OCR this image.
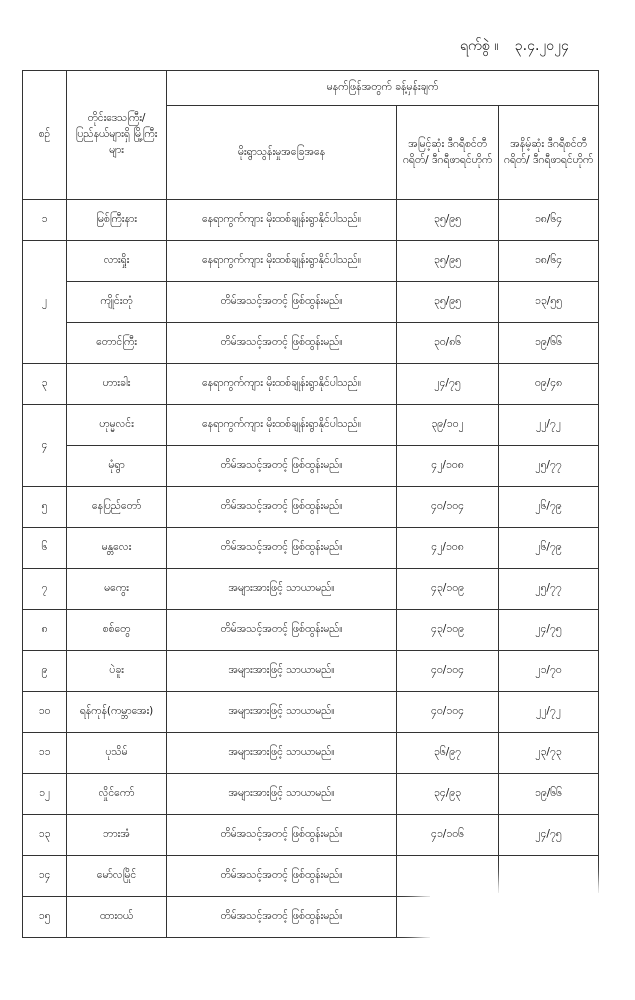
ရက်စွဲ ။ ၃.၄.၂၀၂၄
စဉ်	တိုင်းဒေသကြီး/ ပြည်နယ်များရှိ မြို့ကြီးများ	မနက်ဖြန်အတွက် ခန့်မှန်းချက်		
		မိုးရွာသွန်းမှုအခြေအနေ	အမြင့်ဆုံး ဒီဂရီစင်တီဂရိတ်/ ဒီဂရီဖာရင်ဟိုက်	အနိမ့်ဆုံး ဒီဂရီစင်တီဂရိတ်/ ဒီဂရီဖာရင်ဟိုက်
၁	မြစ်ကြီးနား	နေရာကွက်ကျား မိုးထစ်ချုန်းရွာနိုင်ပါသည်။	၃၅/၉၅	၁၈/၆၄
၂	လားရှိုး	နေရာကွက်ကျား မိုးထစ်ချုန်းရွာနိုင်ပါသည်။	၃၅/၉၅	၁၈/၆၄
	ကျိုင်းတုံ	တိမ်အသင့်အတင့် ဖြစ်ထွန်းမည်။	၃၅/၉၅	၁၃/၅၅
	တောင်ကြီး	တိမ်အသင့်အတင့် ဖြစ်ထွန်းမည်။	၃၀/၈၆	၁၉/၆၆
၃	ဟားခါး	နေရာကွက်ကျား မိုးထစ်ချုန်းရွာနိုင်ပါသည်။	၂၄/၇၅	၀၉/၄၈
၄	ဟုမ္မလင်း	နေရာကွက်ကျား မိုးထစ်ချုန်းရွာနိုင်ပါသည်။	၃၉/၁၀၂	၂၂/၇၂
	မုံရွာ	တိမ်အသင့်အတင့် ဖြစ်ထွန်းမည်။	၄၂/၁၀၈	၂၅/၇၇
၅	နေပြည်တော်	တိမ်အသင့်အတင့် ဖြစ်ထွန်းမည်။	၄၀/၁၀၄	၂၆/၇၉
၆	မန္တလေး	တိမ်အသင့်အတင့် ဖြစ်ထွန်းမည်။	၄၂/၁၀၈	၂၆/၇၉
၇	မကွေး	အများအားဖြင့် သာယာမည်။	၄၃/၁၀၉	၂၅/၇၇
၈	စစ်တွေ	တိမ်အသင့်အတင့် ဖြစ်ထွန်းမည်။	၄၃/၁၀၉	၂၄/၇၅
၉	ပဲခူး	အများအားဖြင့် သာယာမည်။	၄၀/၁၀၄	၂၁/၇၀
၁၀	ရန်ကုန်(ကမ္ဘာအေး)	အများအားဖြင့် သာယာမည်။	၄၀/၁၀၄	၂၂/၇၂
၁၁	ပုသိမ်	အများအားဖြင့် သာယာမည်။	၃၆/၉၇	၂၃/၇၃
၁၂	လှိုင်ကော်	အများအားဖြင့် သာယာမည်။	၃၄/၉၃	၁၉/၆၆
၁၃	ဘားအံ	တိမ်အသင့်အတင့် ဖြစ်ထွန်းမည်။	၄၁/၁၀၆	၂၄/၇၅
၁၄	မော်လမြိုင်	တိမ်အသင့်အတင့် ဖြစ်ထွန်းမည်။		
၁၅	ထားဝယ်	တိမ်အသင့်အတင့် ဖြစ်ထွန်းမည်။		
